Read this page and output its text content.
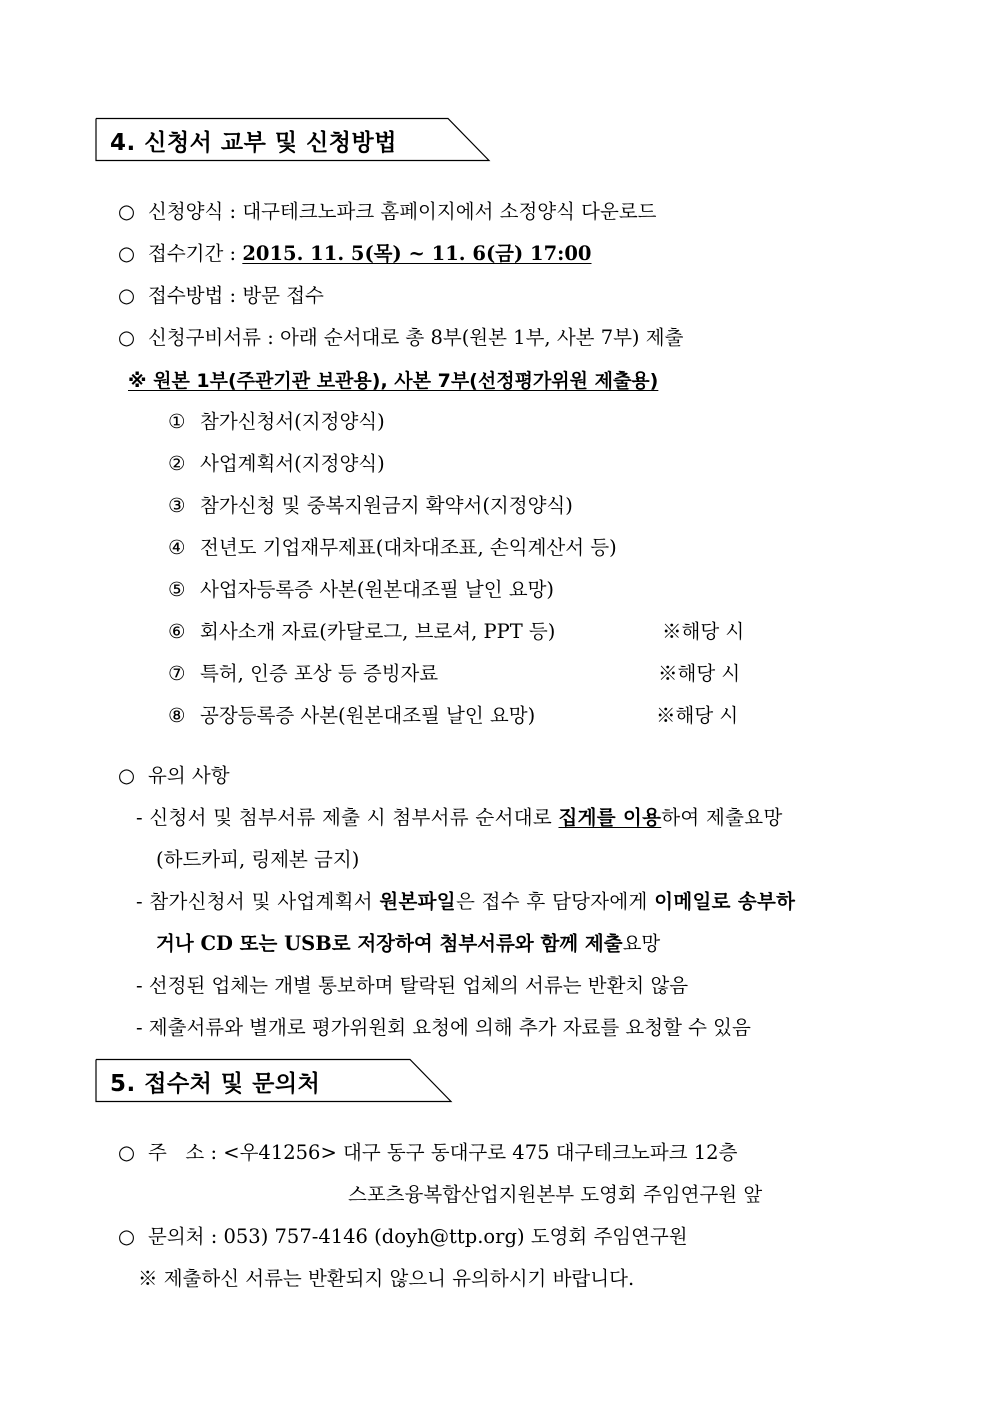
4. 신청서 교부 및 신청방법
○ 신청양식 : 대구테크노파크 홈페이지에서 소정양식 다운로드
○ 접수기간 : 2015. 11. 5(목) ~ 11. 6(금) 17:00
○ 접수방법 : 방문 접수
○ 신청구비서류 : 아래 순서대로 총 8부(원본 1부, 사본 7부) 제출
※ 원본 1부(주관기관 보관용), 사본 7부(선정평가위원 제출용)
① 참가신청서(지정양식)
② 사업계획서(지정양식)
③ 참가신청 및 중복지원금지 확약서(지정양식)
④ 전년도 기업재무제표(대차대조표, 손익계산서 등)
⑤ 사업자등록증 사본(원본대조필 날인 요망)
⑥ 회사소개 자료(카달로그, 브로셔, PPT 등)	※해당 시
⑦ 특허, 인증 포상 등 증빙자료	※해당 시
⑧ 공장등록증 사본(원본대조필 날인 요망)	※해당 시
○ 유의 사항
- 신청서 및 첨부서류 제출 시 첨부서류 순서대로 집게를 이용하여 제출요망
(하드카피, 링제본 금지)
- 참가신청서 및 사업계획서 원본파일은 접수 후 담당자에게 이메일로 송부하
거나 CD 또는 USB로 저장하여 첨부서류와 함께 제출요망
- 선정된 업체는 개별 통보하며 탈락된 업체의 서류는 반환치 않음
- 제출서류와 별개로 평가위원회 요청에 의해 추가 자료를 요청할 수 있음
5. 접수처 및 문의처
○ 주   소 : <우41256> 대구 동구 동대구로 475 대구테크노파크 12층
스포츠융복합산업지원본부 도영회 주임연구원 앞
○ 문의처 : 053) 757-4146 (doyh@ttp.org) 도영회 주임연구원
※ 제출하신 서류는 반환되지 않으니 유의하시기 바랍니다.
